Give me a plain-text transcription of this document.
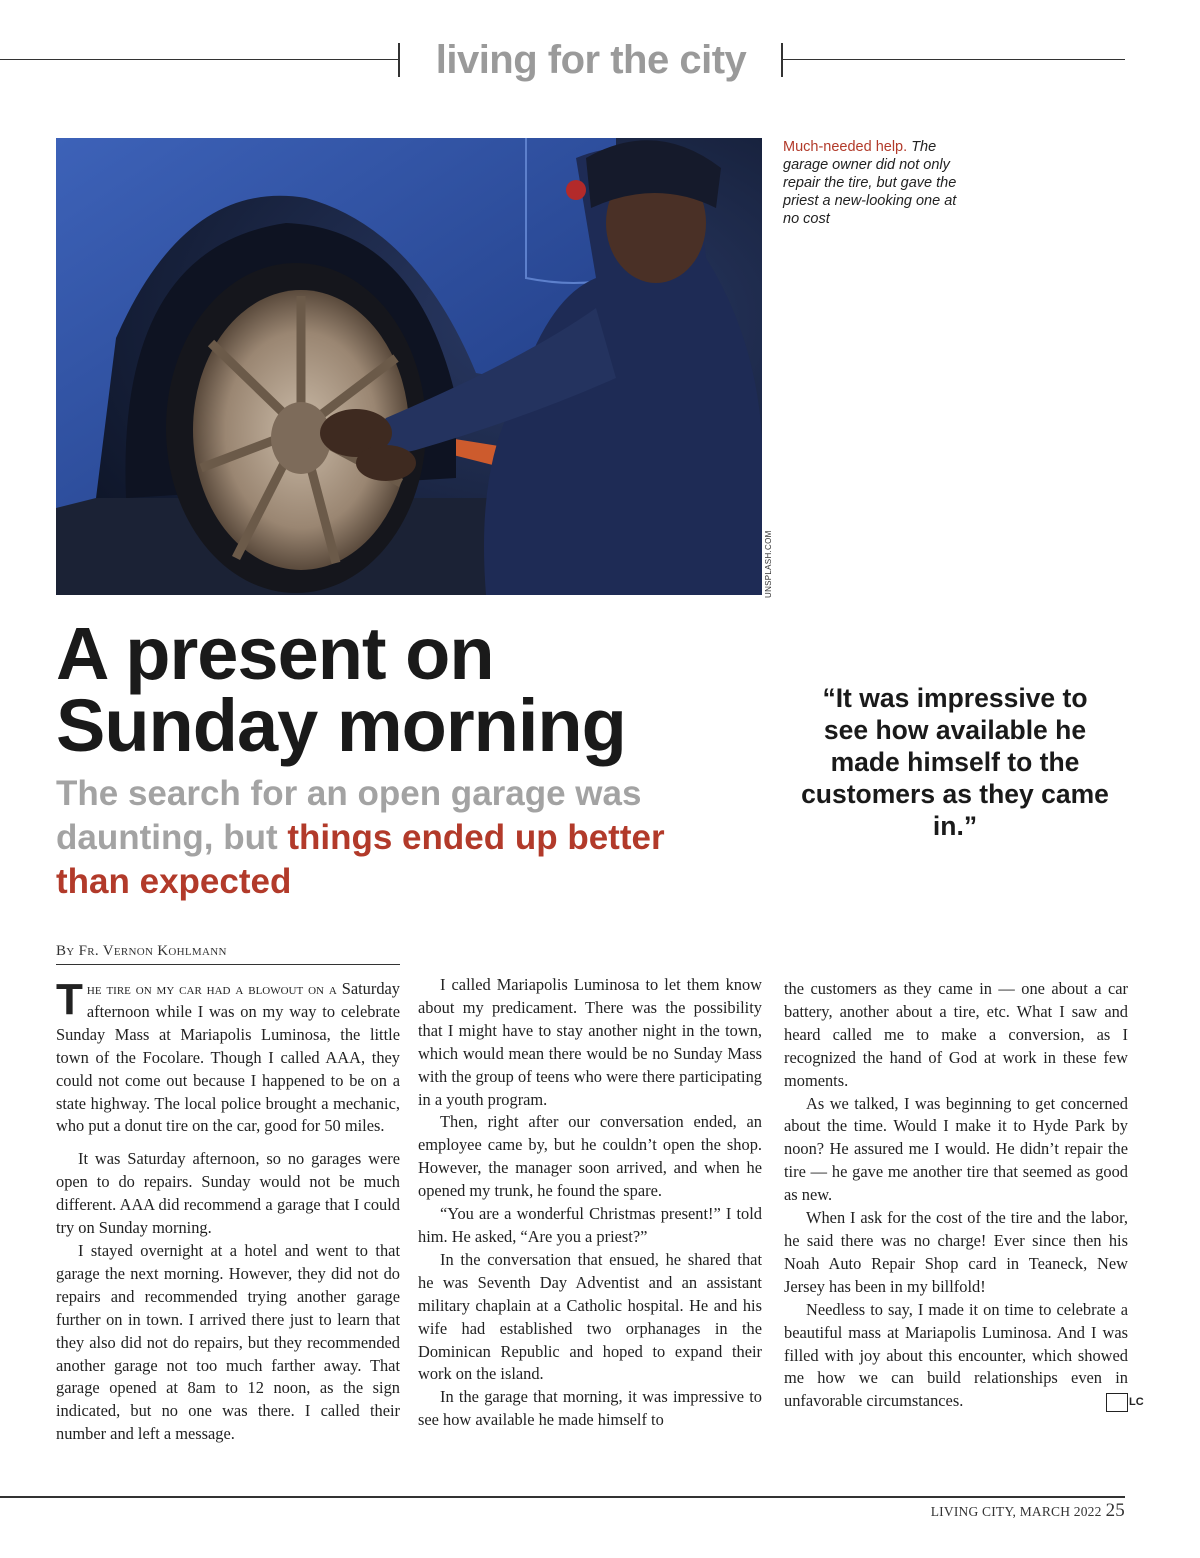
living for the city
UNSPLASH.COM
Much-needed help. The garage owner did not only repair the tire, but gave the priest a new-looking one at no cost
A present on Sunday morning
The search for an open garage was daunting, but things ended up better than expected
“It was impressive to see how available he made himself to the customers as they came in.”
By Fr. Vernon Kohlmann

The tire on my car had a blowout on a Saturday afternoon while I was on my way to celebrate Sunday Mass at Mariapolis Luminosa, the little town of the Focolare. Though I called AAA, they could not come out because I happened to be on a state highway. The local police brought a mechanic, who put a donut tire on the car, good for 50 miles.

It was Saturday afternoon, so no garages were open to do repairs. Sunday would not be much different. AAA did recommend a garage that I could try on Sunday morning.

I stayed overnight at a hotel and went to that garage the next morning. However, they did not do repairs and recommended trying another garage further on in town. I arrived there just to learn that they also did not do repairs, but they recommended another garage not too much farther away. That garage opened at 8am to 12 noon, as the sign indicated, but no one was there. I called their number and left a message.

I called Mariapolis Luminosa to let them know about my predicament. There was the possibility that I might have to stay another night in the town, which would mean there would be no Sunday Mass with the group of teens who were there participating in a youth program.

Then, right after our conversation ended, an employee came by, but he couldn’t open the shop. However, the manager soon arrived, and when he opened my trunk, he found the spare.

“You are a wonderful Christmas present!” I told him. He asked, “Are you a priest?”

In the conversation that ensued, he shared that he was Seventh Day Adventist and an assistant military chaplain at a Catholic hospital. He and his wife had established two orphanages in the Dominican Republic and hoped to expand their work on the island.

In the garage that morning, it was impressive to see how available he made himself to

the customers as they came in — one about a car battery, another about a tire, etc. What I saw and heard called me to make a conversion, as I recognized the hand of God at work in these few moments.

As we talked, I was beginning to get concerned about the time. Would I make it to Hyde Park by noon? He assured me I would. He didn’t repair the tire — he gave me another tire that seemed as good as new.

When I ask for the cost of the tire and the labor, he said there was no charge! Ever since then his Noah Auto Repair Shop card in Teaneck, New Jersey has been in my billfold!

Needless to say, I made it on time to celebrate a beautiful mass at Mariapolis Luminosa. And I was filled with joy about this encounter, which showed me how we can build relationships even in unfavorable circumstances.	LC

LIVING CITY, MARCH 2022 25
